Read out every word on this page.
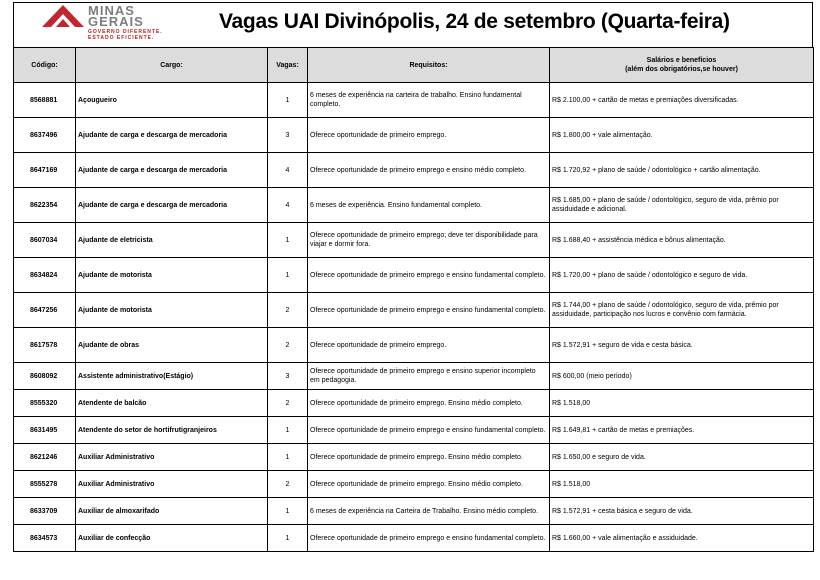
MINAS
GERAIS
GOVERNO DIFERENTE.
ESTADO EFICIENTE.
Vagas UAI Divinópolis, 24 de setembro (Quarta-feira)
Código:	Cargo:	Vagas:	Requisitos:	Salários e benefícios
(além dos obrigatórios,se houver)

8568881	Açougueiro	1	6 meses de experiência na carteira de trabalho. Ensino fundamental completo.	R$ 2.100,00 + cartão de metas e premiações diversificadas.
8637496	Ajudante de carga e descarga de mercadoria	3	Oferece oportunidade de primeiro emprego.	R$ 1.800,00 + vale alimentação.
8647169	Ajudante de carga e descarga de mercadoria	4	Oferece oportunidade de primeiro emprego e ensino médio completo.	R$ 1.720,92 + plano de saúde / odontológico + cartão alimentação.
8622354	Ajudante de carga e descarga de mercadoria	4	6 meses de experiência. Ensino fundamental completo.	R$ 1.685,00 + plano de saúde / odontológico, seguro de vida, prêmio por assiduidade e adicional.
8607034	Ajudante de eletricista	1	Oferece oportunidade de primeiro emprego; deve ter disponibilidade para viajar e dormir fora.	R$ 1.688,40 + assistência médica e bônus alimentação.
8634824	Ajudante de motorista	1	Oferece oportunidade de primeiro emprego e ensino fundamental completo.	R$ 1.720,00 + plano de saúde / odontológico e seguro de vida.
8647256	Ajudante de motorista	2	Oferece oportunidade de primeiro emprego e ensino fundamental completo.	R$ 1.744,00 + plano de saúde / odontológico, seguro de vida, prêmio por assiduidade, participação nos lucros e convênio com farmácia.
8617578	Ajudante de obras	2	Oferece oportunidade de primeiro emprego.	R$ 1.572,91 + seguro de vida e cesta básica.
8608092	Assistente administrativo(Estágio)	3	Oferece oportunidade de primeiro emprego e ensino superior incompleto em pedagogia.	R$ 600,00 (meio período)
8555320	Atendente de balcão	2	Oferece oportunidade de primeiro emprego. Ensino médio completo.	R$ 1.518,00
8631495	Atendente do setor de hortifrutigranjeiros	1	Oferece oportunidade de primeiro emprego e ensino fundamental completo.	R$ 1.649,81 + cartão de metas e premiações.
8621246	Auxiliar Administrativo	1	Oferece oportunidade de primeiro emprego. Ensino médio completo.	R$ 1.650,00 e seguro de vida.
8555278	Auxiliar Administrativo	2	Oferece oportunidade de primeiro emprego. Ensino médio completo.	R$ 1.518,00
8633709	Auxiliar de almoxarifado	1	6 meses de experiência na Carteira de Trabalho. Ensino médio completo.	R$ 1.572,91 + cesta básica e seguro de vida.
8634573	Auxiliar de confecção	1	Oferece oportunidade de primeiro emprego e ensino fundamental completo.	R$ 1.660,00 + vale alimentação e assiduidade.
